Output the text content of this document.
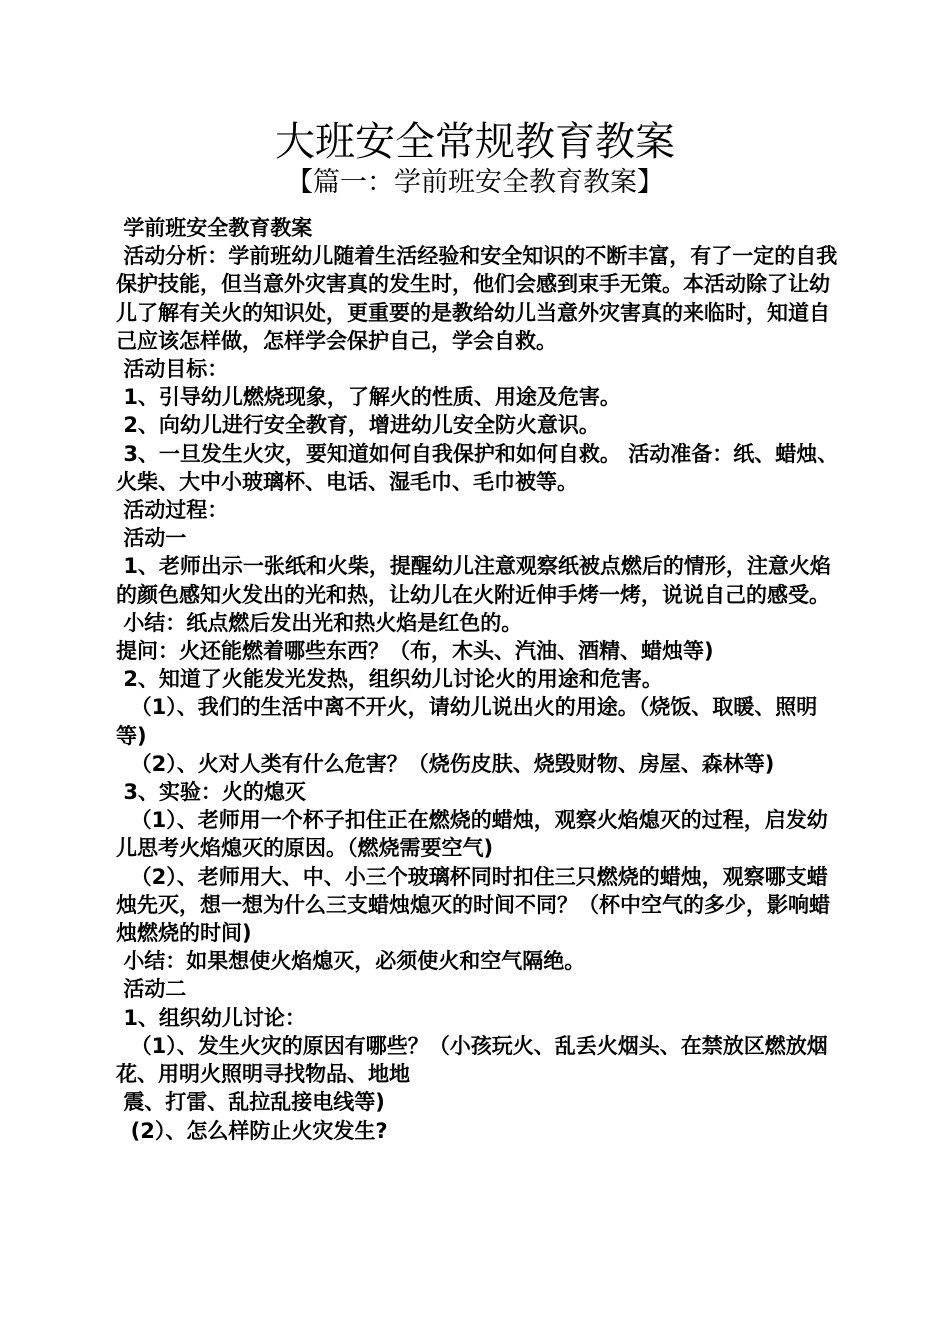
大班安全常规教育教案
【篇一：学前班安全教育教案】

学前班安全教育教案

活动分析：学前班幼儿随着生活经验和安全知识的不断丰富，有了一定的自我保护技能，但当意外灾害真的发生时，他们会感到束手无策。本活动除了让幼儿了解有关火的知识处，更重要的是教给幼儿当意外灾害真的来临时，知道自己应该怎样做，怎样学会保护自己，学会自救。

活动目标：

1、引导幼儿燃烧现象，了解火的性质、用途及危害。

2、向幼儿进行安全教育，增进幼儿安全防火意识。

3、一旦发生火灾，要知道如何自我保护和如何自救。 活动准备：纸、蜡烛、火柴、大中小玻璃杯、电话、湿毛巾、毛巾被等。

活动过程：

活动一

1、老师出示一张纸和火柴，提醒幼儿注意观察纸被点燃后的情形，注意火焰的颜色感知火发出的光和热，让幼儿在火附近伸手烤一烤，说说自己的感受。

小结：纸点燃后发出光和热火焰是红色的。

提问：火还能燃着哪些东西？（布，木头、汽油、酒精、蜡烛等)

2、知道了火能发光发热，组织幼儿讨论火的用途和危害。

（1）、我们的生活中离不开火，请幼儿说出火的用途。（烧饭、取暖、照明等)

（2）、火对人类有什么危害？（烧伤皮肤、烧毁财物、房屋、森林等)

3、实验：火的熄灭

（1）、老师用一个杯子扣住正在燃烧的蜡烛，观察火焰熄灭的过程，启发幼儿思考火焰熄灭的原因。（燃烧需要空气)

（2）、老师用大、中、小三个玻璃杯同时扣住三只燃烧的蜡烛，观察哪支蜡烛先灭，想一想为什么三支蜡烛熄灭的时间不同？（杯中空气的多少，影响蜡烛燃烧的时间)

小结：如果想使火焰熄灭，必须使火和空气隔绝。

活动二

1、组织幼儿讨论：

（1）、发生火灾的原因有哪些？（小孩玩火、乱丢火烟头、在禁放区燃放烟花、用明火照明寻找物品、地地

震、打雷、乱拉乱接电线等)

(2）、怎么样防止火灾发生?
